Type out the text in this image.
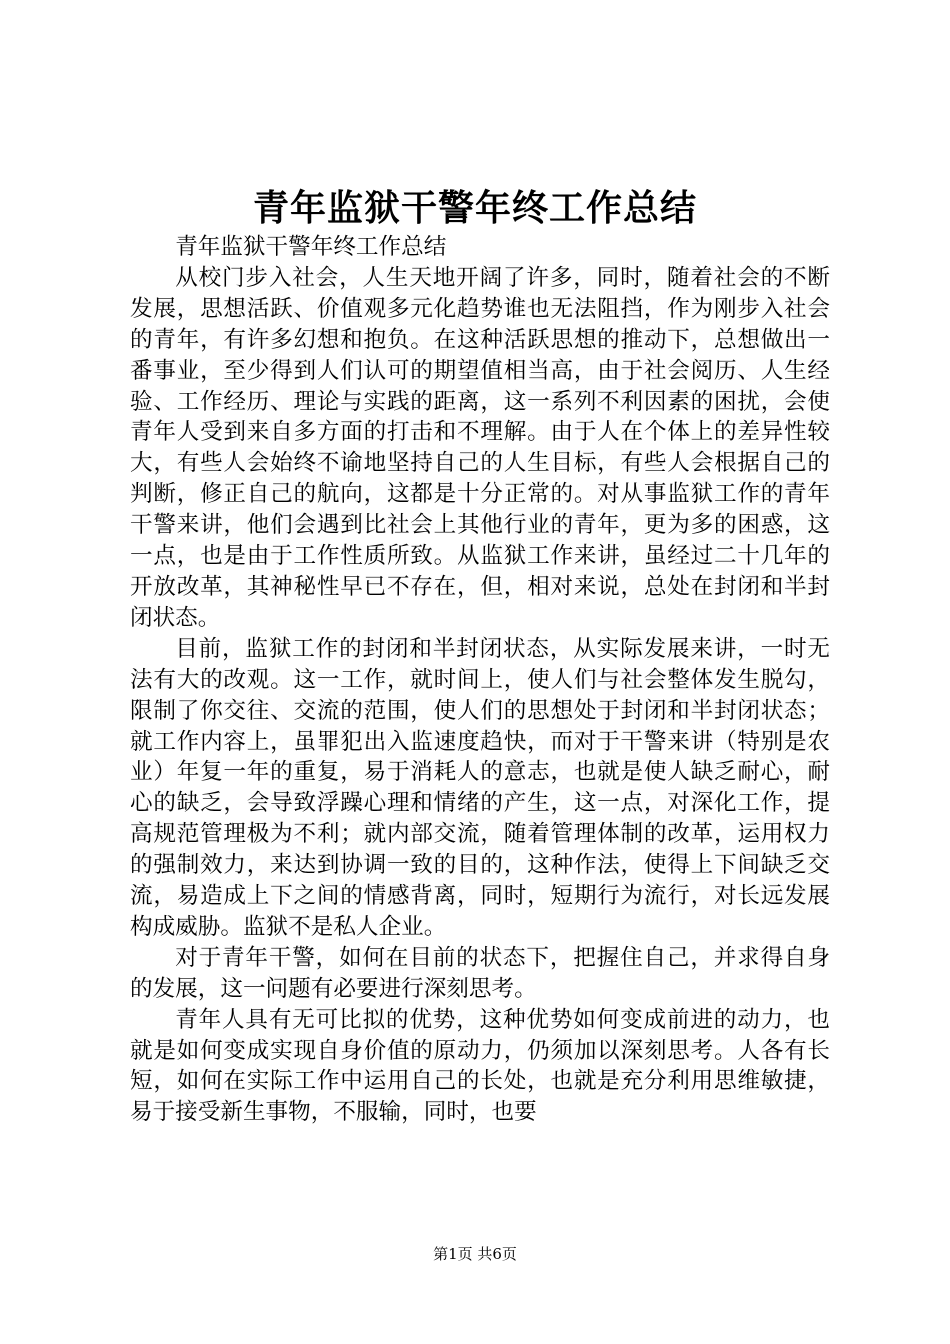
青年监狱干警年终工作总结

青年监狱干警年终工作总结

从校门步入社会，人生天地开阔了许多，同时，随着社会的不断发展，思想活跃、价值观多元化趋势谁也无法阻挡，作为刚步入社会的青年，有许多幻想和抱负。在这种活跃思想的推动下，总想做出一番事业，至少得到人们认可的期望值相当高，由于社会阅历、人生经验、工作经历、理论与实践的距离，这一系列不利因素的困扰，会使青年人受到来自多方面的打击和不理解。由于人在个体上的差异性较大，有些人会始终不谕地坚持自己的人生目标，有些人会根据自己的判断，修正自己的航向，这都是十分正常的。对从事监狱工作的青年干警来讲，他们会遇到比社会上其他行业的青年，更为多的困惑，这一点，也是由于工作性质所致。从监狱工作来讲，虽经过二十几年的开放改革，其神秘性早已不存在，但，相对来说，总处在封闭和半封闭状态。

目前，监狱工作的封闭和半封闭状态，从实际发展来讲，一时无法有大的改观。这一工作，就时间上，使人们与社会整体发生脱勾，限制了你交往、交流的范围，使人们的思想处于封闭和半封闭状态；就工作内容上，虽罪犯出入监速度趋快，而对于干警来讲（特别是农业）年复一年的重复，易于消耗人的意志，也就是使人缺乏耐心，耐心的缺乏，会导致浮躁心理和情绪的产生，这一点，对深化工作，提高规范管理极为不利；就内部交流，随着管理体制的改革，运用权力的强制效力，来达到协调一致的目的，这种作法，使得上下间缺乏交流，易造成上下之间的情感背离，同时，短期行为流行，对长远发展构成威胁。监狱不是私人企业。

对于青年干警，如何在目前的状态下，把握住自己，并求得自身的发展，这一问题有必要进行深刻思考。

青年人具有无可比拟的优势，这种优势如何变成前进的动力，也就是如何变成实现自身价值的原动力，仍须加以深刻思考。人各有长短，如何在实际工作中运用自己的长处，也就是充分利用思维敏捷，易于接受新生事物，不服输，同时，也要

第1页 共6页
